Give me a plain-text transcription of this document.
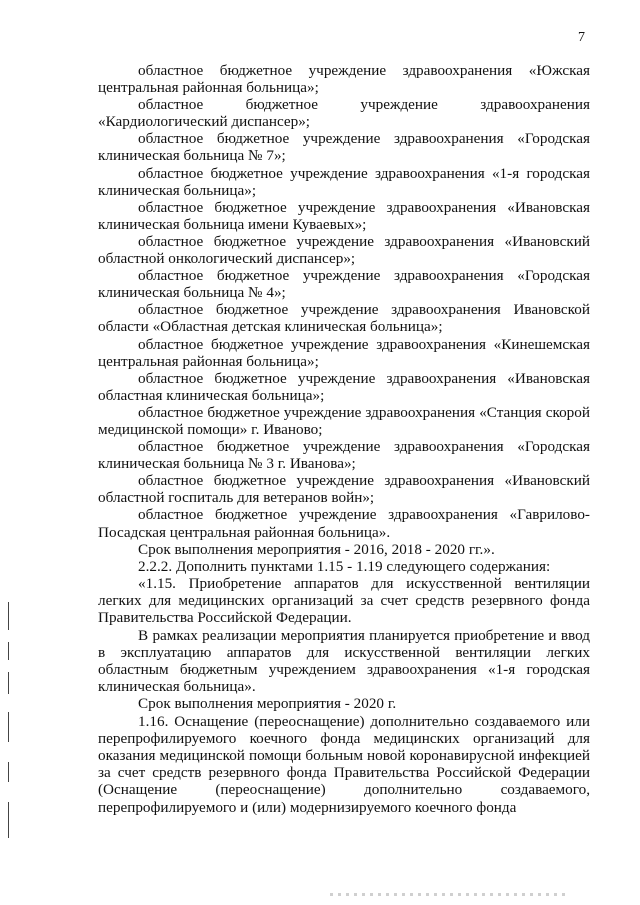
7

областное бюджетное учреждение здравоохранения «Южская центральная районная больница»;

областное бюджетное учреждение здравоохранения «Кардиологический диспансер»;

областное бюджетное учреждение здравоохранения «Городская клиническая больница № 7»;

областное бюджетное учреждение здравоохранения «1-я городская клиническая больница»;

областное бюджетное учреждение здравоохранения «Ивановская клиническая больница имени Куваевых»;

областное бюджетное учреждение здравоохранения «Ивановский областной онкологический диспансер»;

областное бюджетное учреждение здравоохранения «Городская клиническая больница № 4»;

областное бюджетное учреждение здравоохранения Ивановской области «Областная детская клиническая больница»;

областное бюджетное учреждение здравоохранения «Кинешемская центральная районная больница»;

областное бюджетное учреждение здравоохранения «Ивановская областная клиническая больница»;

областное бюджетное учреждение здравоохранения «Станция скорой медицинской помощи» г. Иваново;

областное бюджетное учреждение здравоохранения «Городская клиническая больница № 3 г. Иванова»;

областное бюджетное учреждение здравоохранения «Ивановский областной госпиталь для ветеранов войн»;

областное бюджетное учреждение здравоохранения «Гаврилово-Посадская центральная районная больница».

Срок выполнения мероприятия - 2016, 2018 - 2020 гг.».

2.2.2. Дополнить пунктами 1.15 - 1.19 следующего содержания:

«1.15. Приобретение аппаратов для искусственной вентиляции легких для медицинских организаций за счет средств резервного фонда Правительства Российской Федерации.

В рамках реализации мероприятия планируется приобретение и ввод в эксплуатацию аппаратов для искусственной вентиляции легких областным бюджетным учреждением здравоохранения «1-я городская клиническая больница».

Срок выполнения мероприятия - 2020 г.

1.16. Оснащение (переоснащение) дополнительно создаваемого или перепрофилируемого коечного фонда медицинских организаций для оказания медицинской помощи больным новой коронавирусной инфекцией за счет средств резервного фонда Правительства Российской Федерации (Оснащение (переоснащение) дополнительно создаваемого, перепрофилируемого и (или) модернизируемого коечного фонда
